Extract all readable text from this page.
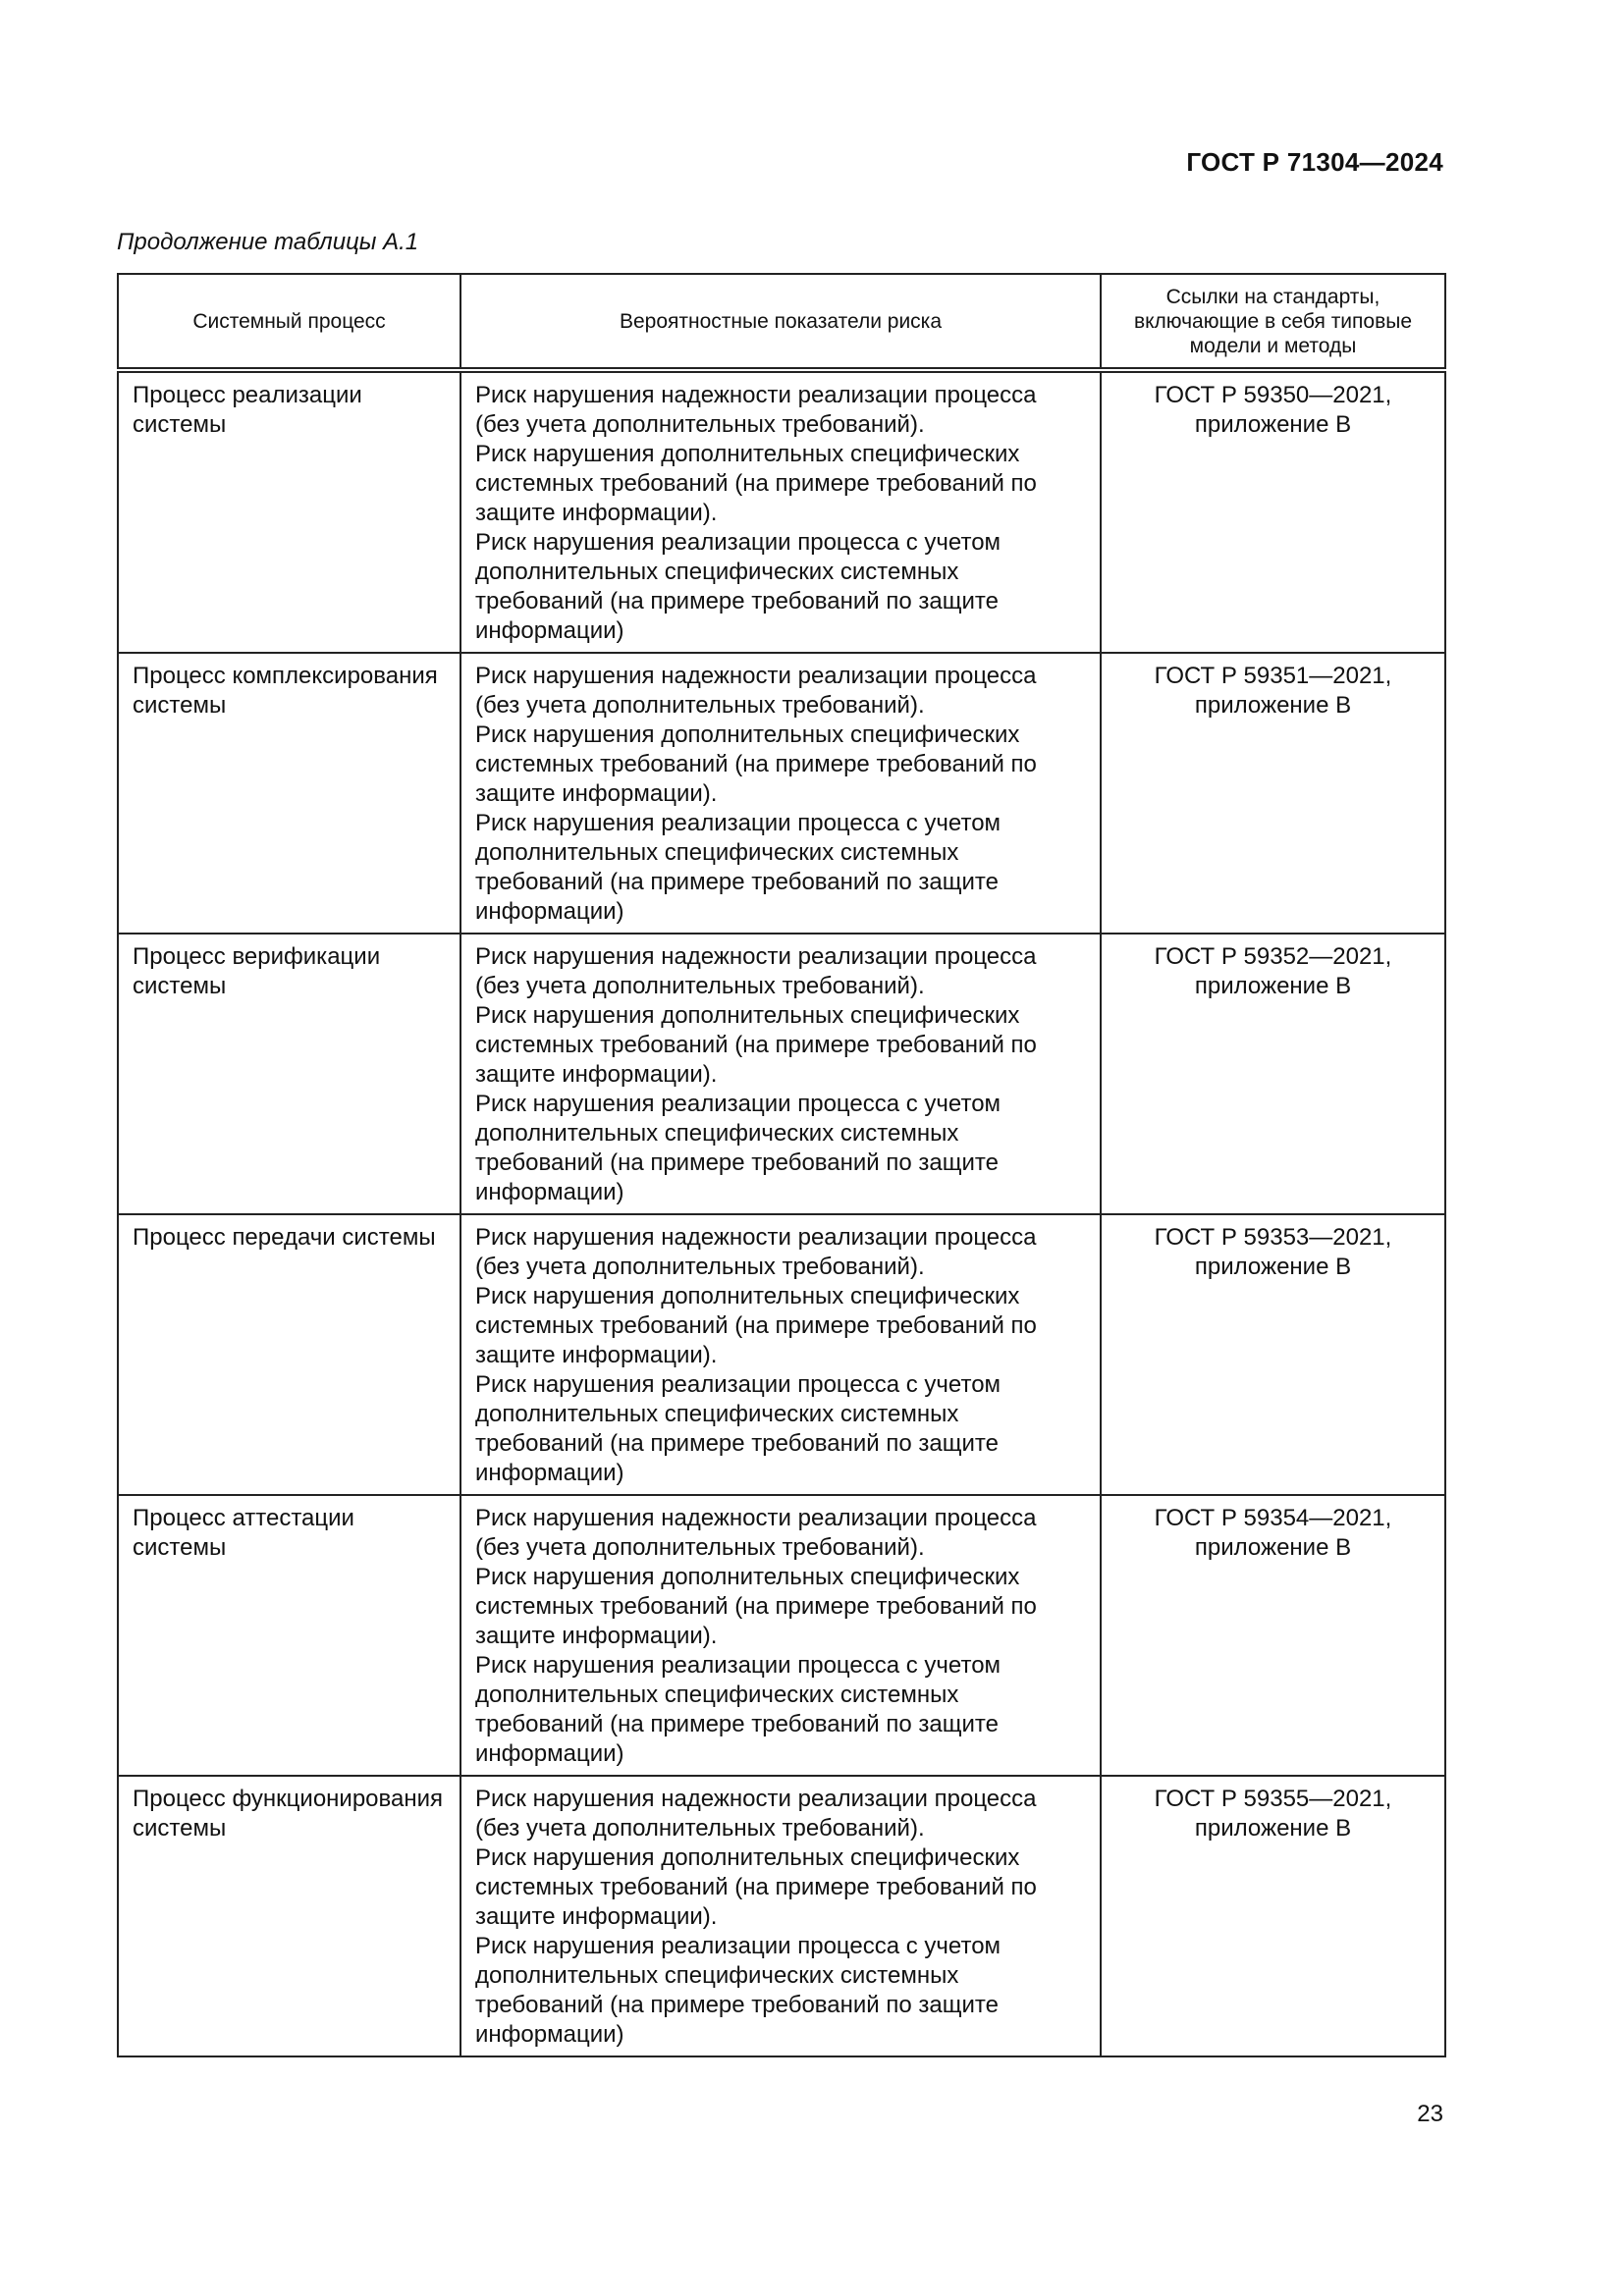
ГОСТ Р 71304—2024
Продолжение таблицы А.1
Системный процесс	Вероятностные показатели риска	Ссылки на стандарты, включающие в себя типовые модели и методы
Процесс реализации системы	Риск нарушения надежности реализации процесса (без учета дополнительных требований).
Риск нарушения дополнительных специфических системных требований (на примере требований по защите информации).
Риск нарушения реализации процесса с учетом дополнительных специфических системных требований (на примере требований по защите информации)	ГОСТ Р 59350—2021, приложение В
Процесс комплексирования системы	Риск нарушения надежности реализации процесса (без учета дополнительных требований).
Риск нарушения дополнительных специфических системных требований (на примере требований по защите информации).
Риск нарушения реализации процесса с учетом дополнительных специфических системных требований (на примере требований по защите информации)	ГОСТ Р 59351—2021, приложение В
Процесс верификации системы	Риск нарушения надежности реализации процесса (без учета дополнительных требований).
Риск нарушения дополнительных специфических системных требований (на примере требований по защите информации).
Риск нарушения реализации процесса с учетом дополнительных специфических системных требований (на примере требований по защите информации)	ГОСТ Р 59352—2021, приложение В
Процесс передачи системы	Риск нарушения надежности реализации процесса (без учета дополнительных требований).
Риск нарушения дополнительных специфических системных требований (на примере требований по защите информации).
Риск нарушения реализации процесса с учетом дополнительных специфических системных требований (на примере требований по защите информации)	ГОСТ Р 59353—2021, приложение В
Процесс аттестации системы	Риск нарушения надежности реализации процесса (без учета дополнительных требований).
Риск нарушения дополнительных специфических системных требований (на примере требований по защите информации).
Риск нарушения реализации процесса с учетом дополнительных специфических системных требований (на примере требований по защите информации)	ГОСТ Р 59354—2021, приложение В
Процесс функционирования системы	Риск нарушения надежности реализации процесса (без учета дополнительных требований).
Риск нарушения дополнительных специфических системных требований (на примере требований по защите информации).
Риск нарушения реализации процесса с учетом дополнительных специфических системных требований (на примере требований по защите информации)	ГОСТ Р 59355—2021, приложение В
23
